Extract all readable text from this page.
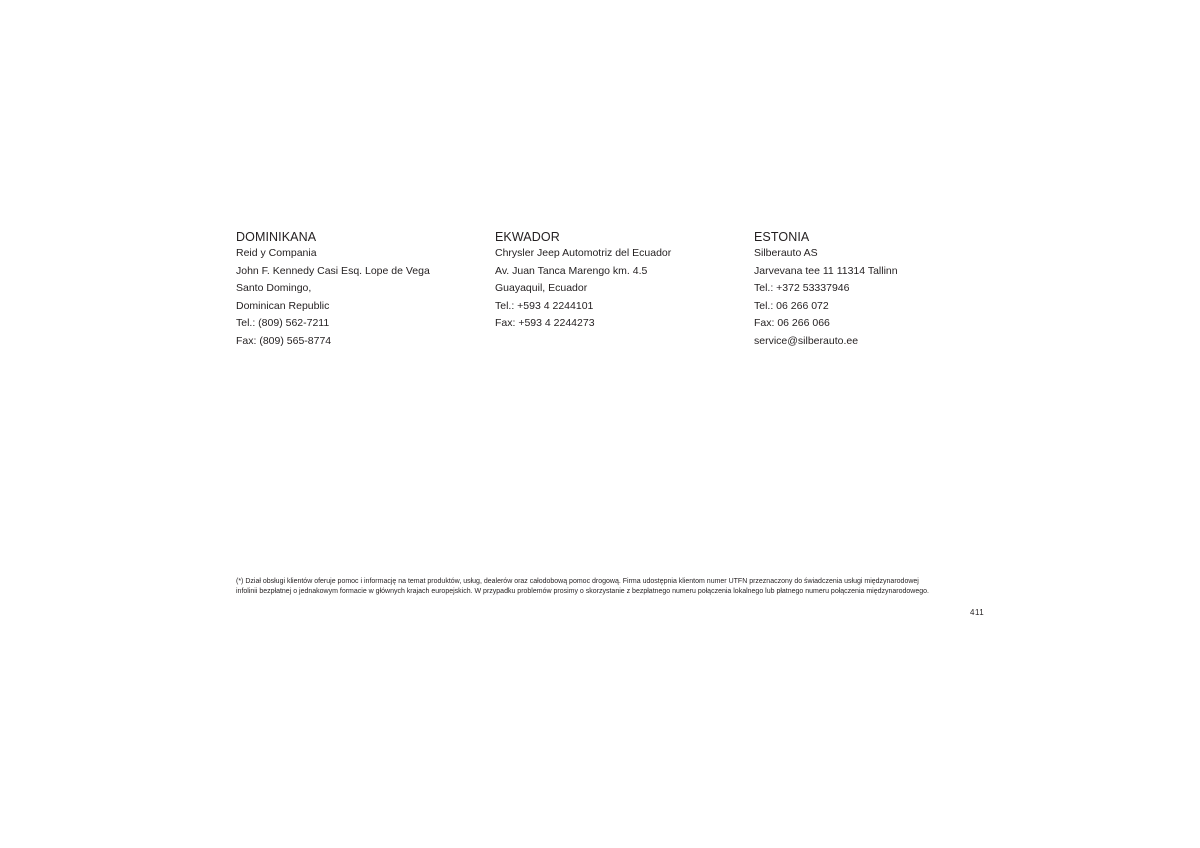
DOMINIKANA

Reid y Compania

John F. Kennedy Casi Esq. Lope de Vega

Santo Domingo,

Dominican Republic

Tel.: (809) 562-7211

Fax: (809) 565-8774

EKWADOR

Chrysler Jeep Automotriz del Ecuador

Av. Juan Tanca Marengo km. 4.5

Guayaquil, Ecuador

Tel.: +593 4 2244101

Fax: +593 4 2244273

ESTONIA

Silberauto AS

Jarvevana tee 11 11314 Tallinn

Tel.: +372 53337946

Tel.: 06 266 072

Fax: 06 266 066

service@silberauto.ee

(*) Dział obsługi klientów oferuje pomoc i informację na temat produktów, usług, dealerów oraz całodobową pomoc drogową. Firma udostępnia klientom numer UTFN przeznaczony do świadczenia usługi międzynarodowej infolinii bezpłatnej o jednakowym formacie w głównych krajach europejskich. W przypadku problemów prosimy o skorzystanie z bezpłatnego numeru połączenia lokalnego lub płatnego numeru połączenia międzynarodowego.
411
